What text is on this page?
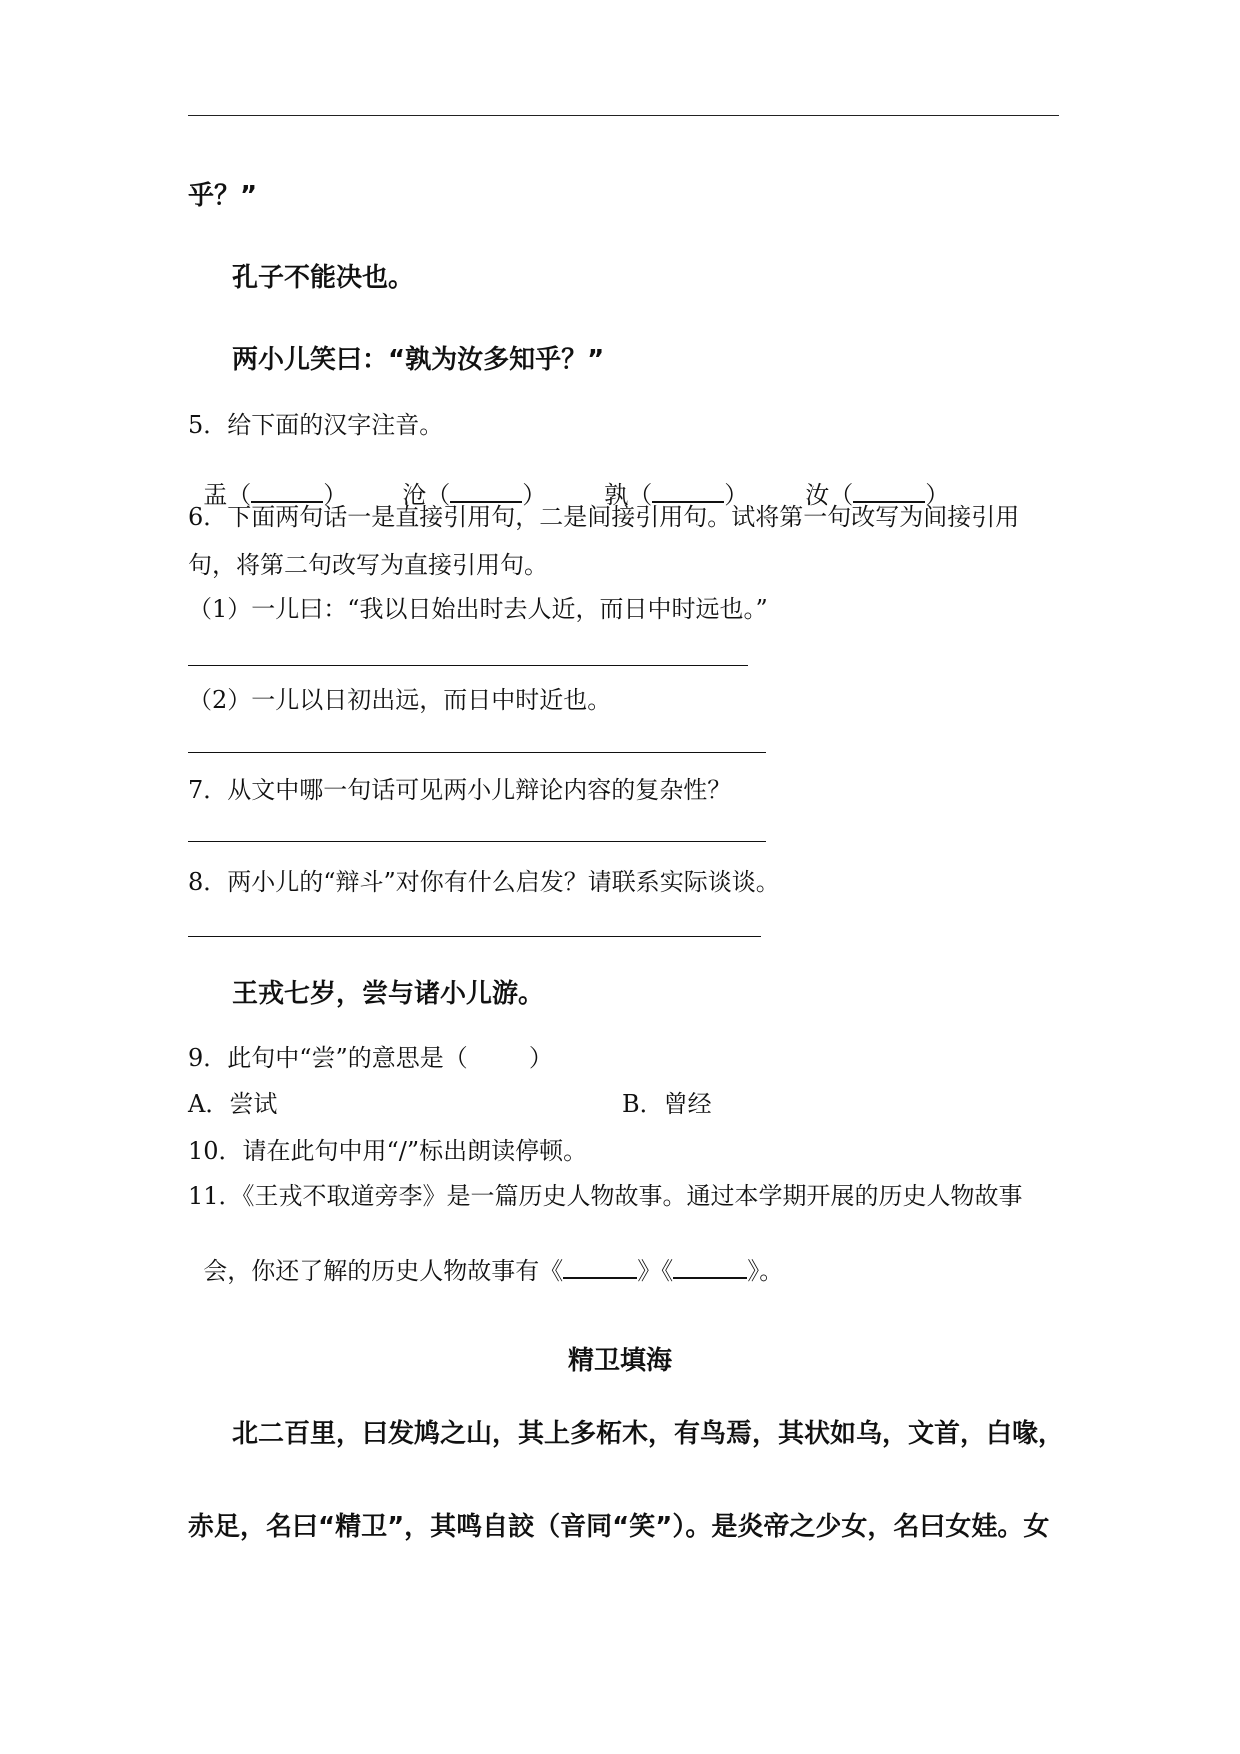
乎？”
孔子不能决也。
两小儿笑曰：“孰为汝多知乎？”
5．给下面的汉字注音。

盂（	）	沧（	）	孰（	）	汝（	）

6．下面两句话一是直接引用句，二是间接引用句。试将第一句改写为间接引用
句，将第二句改写为直接引用句。
（1）一儿曰：“我以日始出时去人近，而日中时远也。”
（2）一儿以日初出远，而日中时近也。
7．从文中哪一句话可见两小儿辩论内容的复杂性？
8．两小儿的“辩斗”对你有什么启发？请联系实际谈谈。
王戎七岁，尝与诸小儿游。
9．此句中“尝”的意思是（        ）
A．尝试	B．曾经
10．请在此句中用“/”标出朗读停顿。
11．《王戎不取道旁李》是一篇历史人物故事。通过本学期开展的历史人物故事

会，你还了解的历史人物故事有《	》《	》。

精卫填海
北二百里，曰发鸠之山，其上多柘木，有鸟焉，其状如乌，文首，白喙，
赤足，名曰“精卫”，其鸣自詨（音同“笑”）。是炎帝之少女，名曰女娃。女
